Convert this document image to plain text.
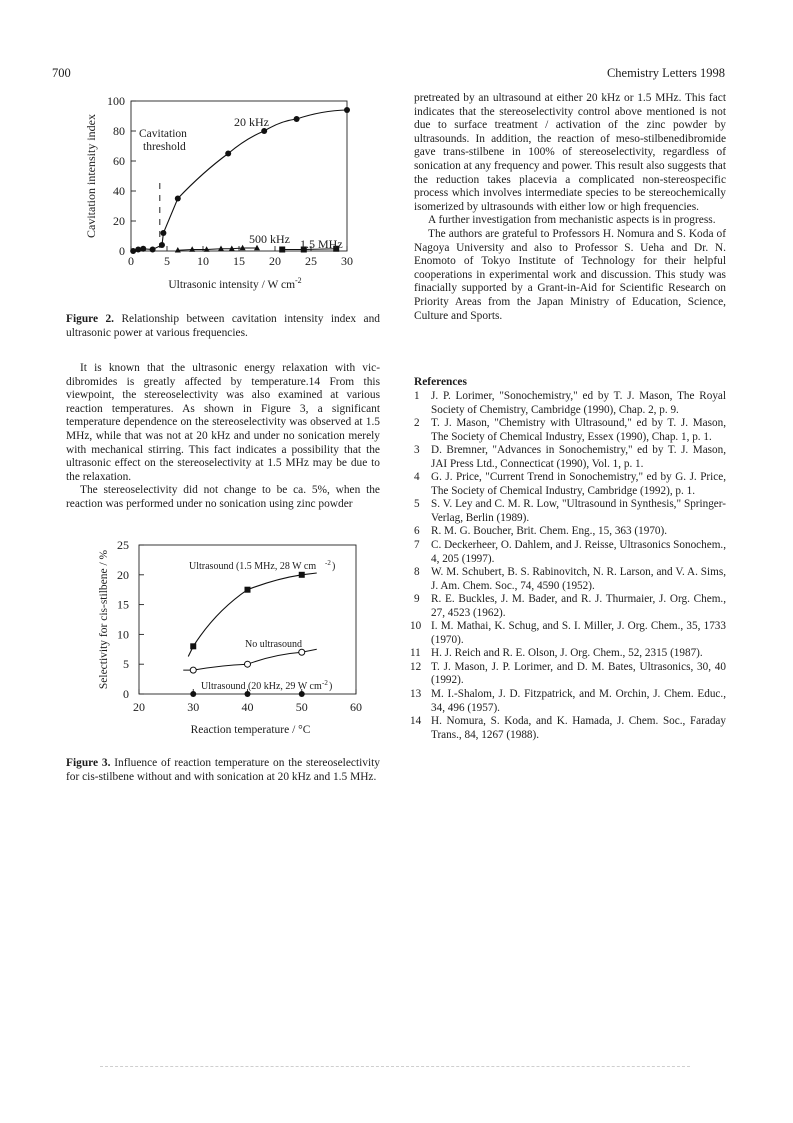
700	Chemistry Letters 1998
0	5 10 15 20 25 30
0
20
40
60
80
100
Cavitation intensity index
Ultrasonic intensity / W $cm^{-2}$
Cavitation
threshold
20 kHz
500 kHz 1.5 MHz
Figure 2. Relationship between cavitation intensity index and ultrasonic power at various frequencies.

It is known that the ultrasonic energy relaxation with vic-dibromides is greatly affected by temperature.14 From this viewpoint, the stereoselectivity was also examined at various reaction temperatures. As shown in Figure 3, a significant temperature dependence on the stereoselectivity was observed at 1.5 MHz, while that was not at 20 kHz and under no sonication merely with mechanical stirring. This fact indicates a possibility that the ultrasonic effect on the stereoselectivity at 1.5 MHz may be due to the relaxation.

The stereoselectivity did not change to be ca. 5%, when the reaction was performed under no sonication using zinc powder

20	30	40	50	60
0
5
10
15
20
25
Selectivity for cis-stilbene / %
Reaction temperature / °C
Ultrasound (1.5 MHz, 28 W cm -2 )
No ultrasound
Ultrasound (20 kHz, 29 W cm -2 )
Figure 3. Influence of reaction temperature on the stereoselectivity for cis-stilbene without and with sonication at 20 kHz and 1.5 MHz.

pretreated by an ultrasound at either 20 kHz or 1.5 MHz. This fact indicates that the stereoselectivity control above mentioned is not due to surface treatment / activation of the zinc powder by ultrasounds. In addition, the reaction of meso-stilbenedibromide gave trans-stilbene in 100% of stereoselectivity, regardless of sonication at any frequency and power. This result also suggests that the reduction takes placevia a complicated non-stereospecific process which involves intermediate species to be stereochemically isomerized by ultrasounds with either low or high frequencies.

A further investigation from mechanistic aspects is in progress.

The authors are grateful to Professors H. Nomura and S. Koda of Nagoya University and also to Professor S. Ueha and Dr. N. Enomoto of Tokyo Institute of Technology for their helpful cooperations in experimental work and discussion. This study was finacially supported by a Grant-in-Aid for Scientific Research on Priority Areas from the Japan Ministry of Education, Science, Culture and Sports.

References
1 J. P. Lorimer, "Sonochemistry," ed by T. J. Mason, The Royal Society of Chemistry, Cambridge (1990), Chap. 2, p. 9.
2 T. J. Mason, "Chemistry with Ultrasound," ed by T. J. Mason, The Society of Chemical Industry, Essex (1990), Chap. 1, p. 1.
3 D. Bremner, "Advances in Sonochemistry," ed by T. J. Mason, JAI Press Ltd., Connecticat (1990), Vol. 1, p. 1.
4 G. J. Price, "Current Trend in Sonochemistry," ed by G. J. Price, The Society of Chemical Industry, Cambridge (1992), p. 1.
5 S. V. Ley and C. M. R. Low, "Ultrasound in Synthesis," Springer-Verlag, Berlin (1989).
6 R. M. G. Boucher, Brit. Chem. Eng., 15, 363 (1970).
7 C. Deckerheer, O. Dahlem, and J. Reisse, Ultrasonics Sonochem., 4, 205 (1997).
8 W. M. Schubert, B. S. Rabinovitch, N. R. Larson, and V. A. Sims, J. Am. Chem. Soc., 74, 4590 (1952).
9 R. E. Buckles, J. M. Bader, and R. J. Thurmaier, J. Org. Chem., 27, 4523 (1962).
10 I. M. Mathai, K. Schug, and S. I. Miller, J. Org. Chem., 35, 1733 (1970).
11 H. J. Reich and R. E. Olson, J. Org. Chem., 52, 2315 (1987).
12 T. J. Mason, J. P. Lorimer, and D. M. Bates, Ultrasonics, 30, 40 (1992).
13 M. I.-Shalom, J. D. Fitzpatrick, and M. Orchin, J. Chem. Educ., 34, 496 (1957).
14 H. Nomura, S. Koda, and K. Hamada, J. Chem. Soc., Faraday Trans., 84, 1267 (1988).
